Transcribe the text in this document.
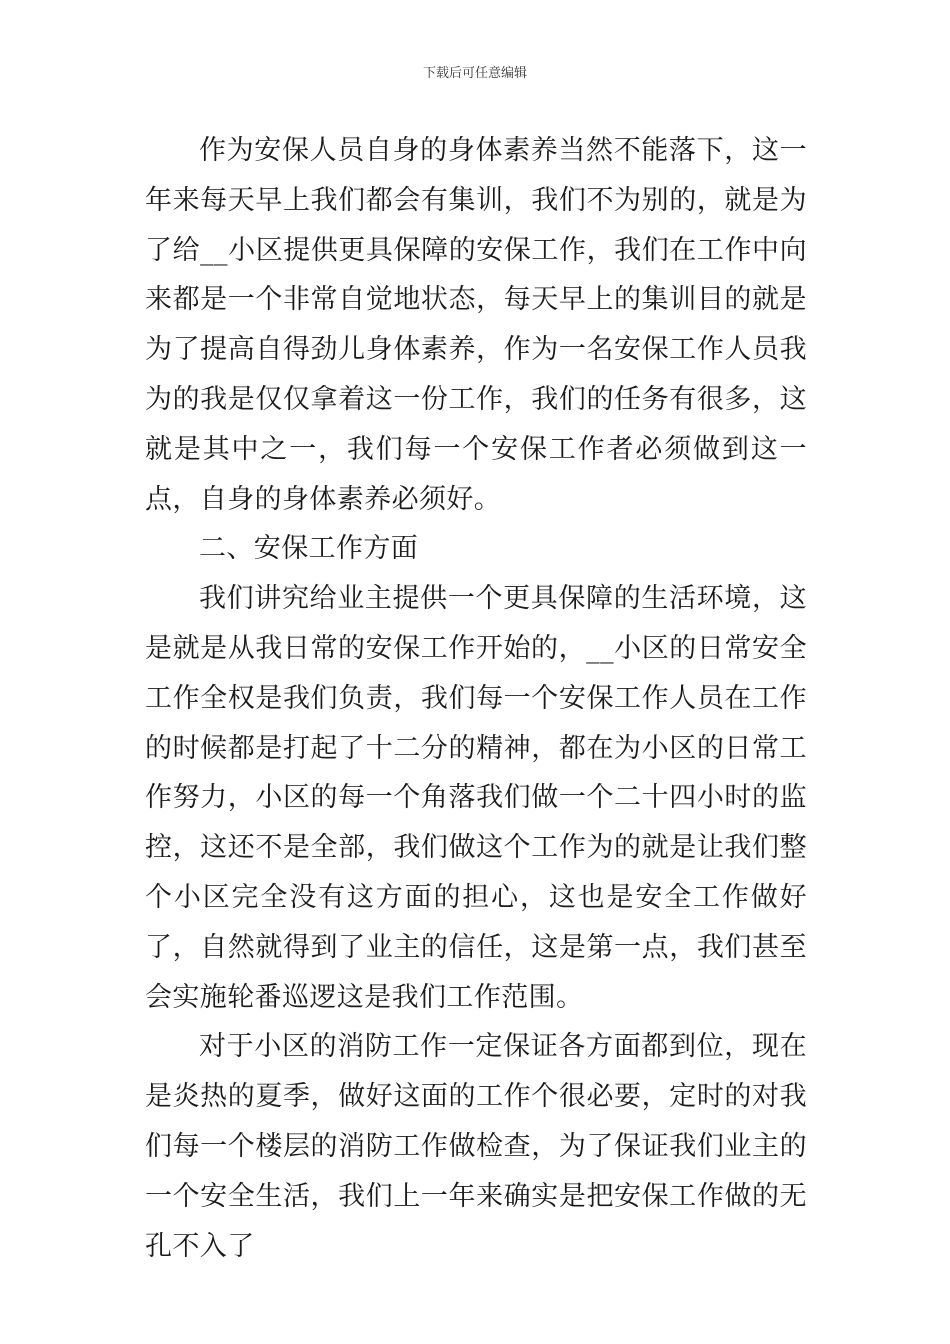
下载后可任意编辑

作为安保人员自身的身体素养当然不能落下，这一年来每天早上我们都会有集训，我们不为别的，就是为了给__小区提供更具保障的安保工作，我们在工作中向来都是一个非常自觉地状态，每天早上的集训目的就是为了提高自得劲儿身体素养，作为一名安保工作人员我为的我是仅仅拿着这一份工作，我们的任务有很多，这就是其中之一，我们每一个安保工作者必须做到这一点，自身的身体素养必须好。

二、安保工作方面

我们讲究给业主提供一个更具保障的生活环境，这是就是从我日常的安保工作开始的，__小区的日常安全工作全权是我们负责，我们每一个安保工作人员在工作的时候都是打起了十二分的精神，都在为小区的日常工作努力，小区的每一个角落我们做一个二十四小时的监控，这还不是全部，我们做这个工作为的就是让我们整个小区完全没有这方面的担心，这也是安全工作做好了，自然就得到了业主的信任，这是第一点，我们甚至会实施轮番巡逻这是我们工作范围。

对于小区的消防工作一定保证各方面都到位，现在是炎热的夏季，做好这面的工作个很必要，定时的对我们每一个楼层的消防工作做检查，为了保证我们业主的一个安全生活，我们上一年来确实是把安保工作做的无孔不入了
